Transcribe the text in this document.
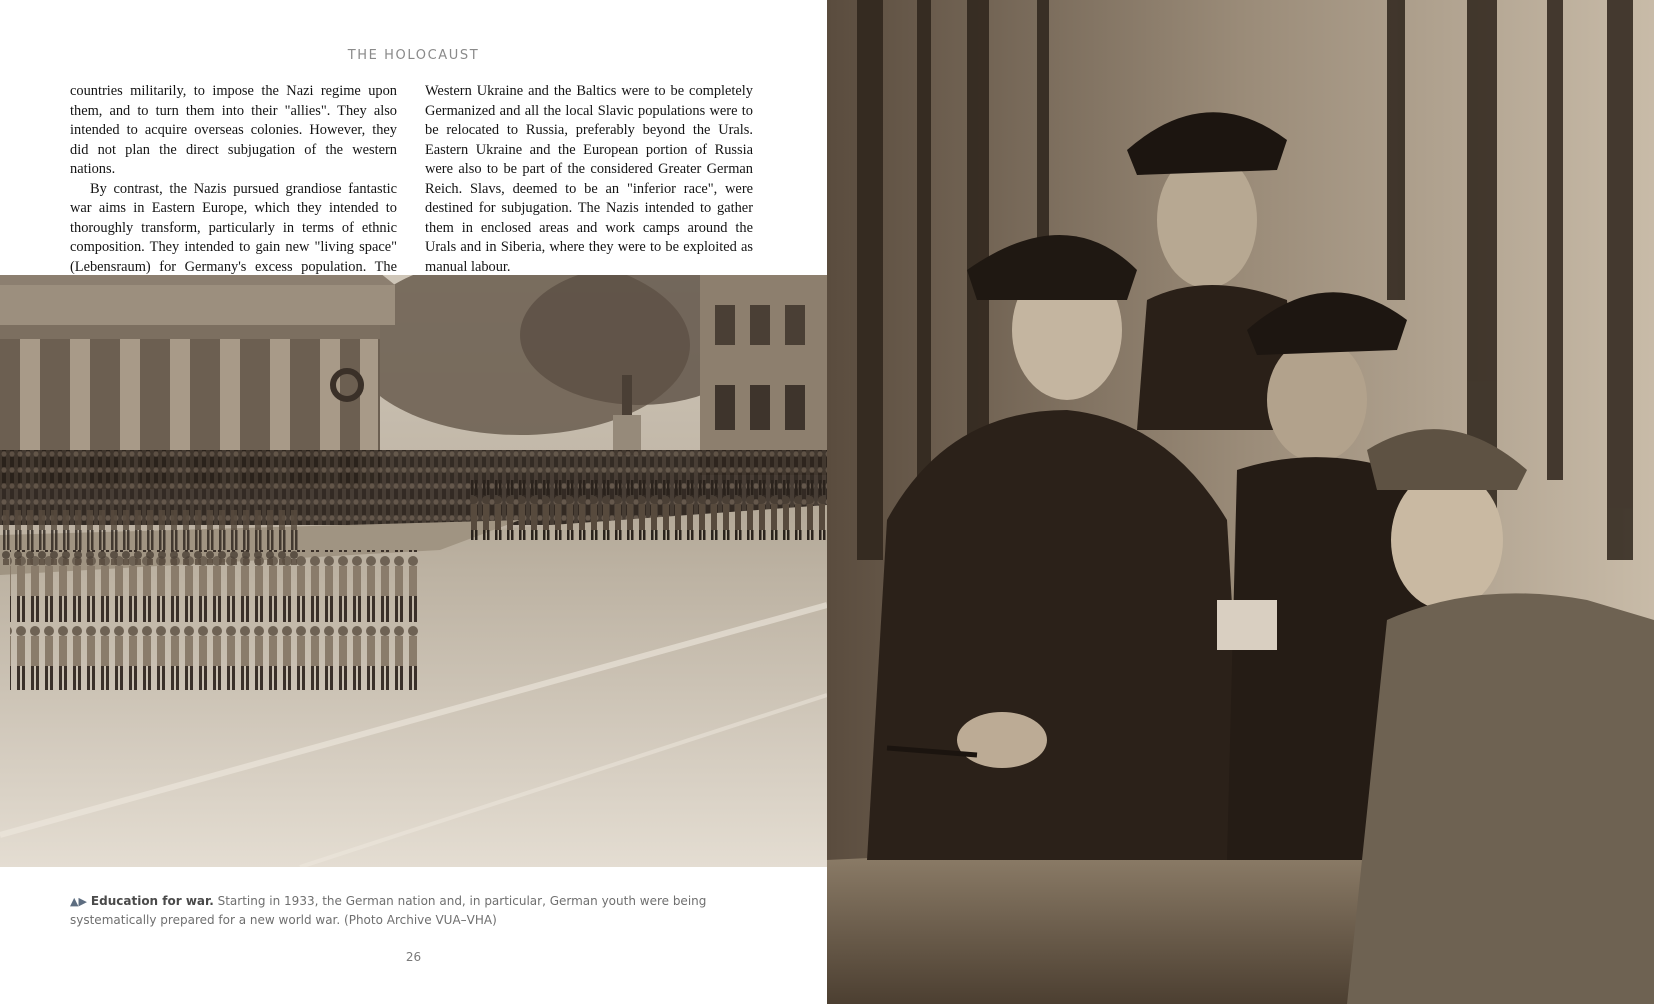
THE HOLOCAUST

countries militarily, to impose the Nazi regime upon them, and to turn them into their "allies". They also intended to acquire overseas colonies. However, they did not plan the direct subjugation of the western nations.

By contrast, the Nazis pursued grandiose fantastic war aims in Eastern Europe, which they intended to thoroughly transform, particularly in terms of ethnic composition. They intended to gain new "living space" (Lebensraum) for Germany's excess population. The

Western Ukraine and the Baltics were to be completely Germanized and all the local Slavic populations were to be relocated to Russia, preferably beyond the Urals. Eastern Ukraine and the European portion of Russia were also to be part of the considered Greater German Reich. Slavs, deemed to be an "inferior race", were destined for subjugation. The Nazis intended to gather them in enclosed areas and work camps around the Urals and in Siberia, where they were to be exploited as manual labour.

▲▶ Education for war. Starting in 1933, the German nation and, in particular, German youth were being systematically prepared for a new world war. (Photo Archive VUA–VHA)
26
